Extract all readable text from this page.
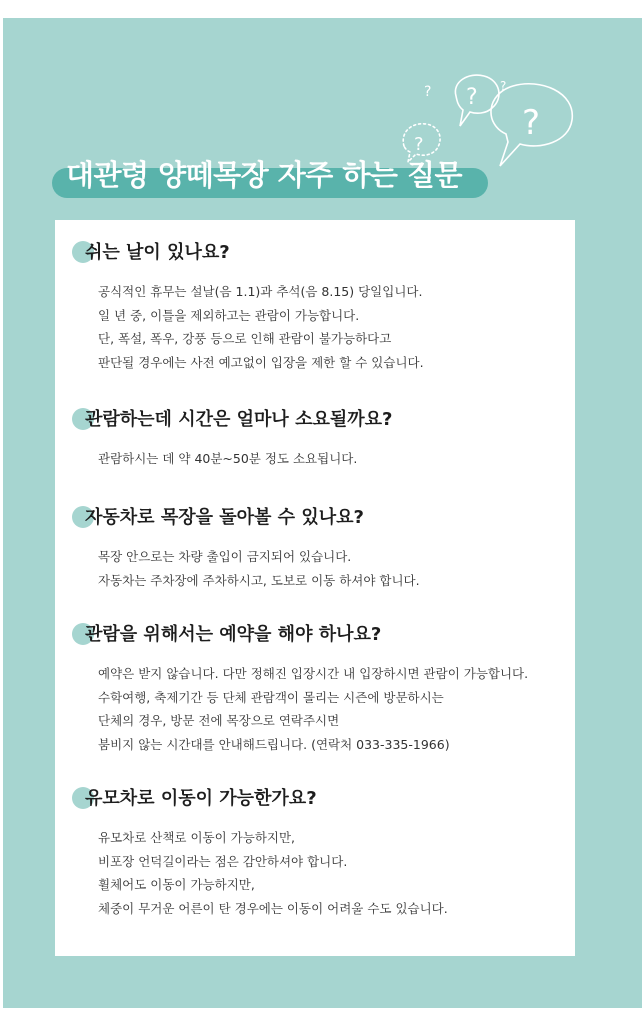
?
?
?
?	?
대관령 양떼목장 자주 하는 질문
쉬는 날이 있나요?
공식적인 휴무는 설날(음 1.1)과 추석(음 8.15) 당일입니다.
일 년 중, 이틀을 제외하고는 관람이 가능합니다.
단, 폭설, 폭우, 강풍 등으로 인해 관람이 불가능하다고
판단될 경우에는 사전 예고없이 입장을 제한 할 수 있습니다.
관람하는데 시간은 얼마나 소요될까요?
관람하시는 데 약 40분~50분 정도 소요됩니다.
자동차로 목장을 돌아볼 수 있나요?
목장 안으로는 차량 출입이 금지되어 있습니다.
자동차는 주차장에 주차하시고, 도보로 이동 하셔야 합니다.
관람을 위해서는 예약을 해야 하나요?
예약은 받지 않습니다. 다만 정해진 입장시간 내 입장하시면 관람이 가능합니다.
수학여행, 축제기간 등 단체 관람객이 몰리는 시즌에 방문하시는
단체의 경우, 방문 전에 목장으로 연락주시면
붐비지 않는 시간대를 안내해드립니다. (연락처 033-335-1966)
유모차로 이동이 가능한가요?
유모차로 산책로 이동이 가능하지만,
비포장 언덕길이라는 점은 감안하셔야 합니다.
휠체어도 이동이 가능하지만,
체중이 무거운 어른이 탄 경우에는 이동이 어려울 수도 있습니다.
